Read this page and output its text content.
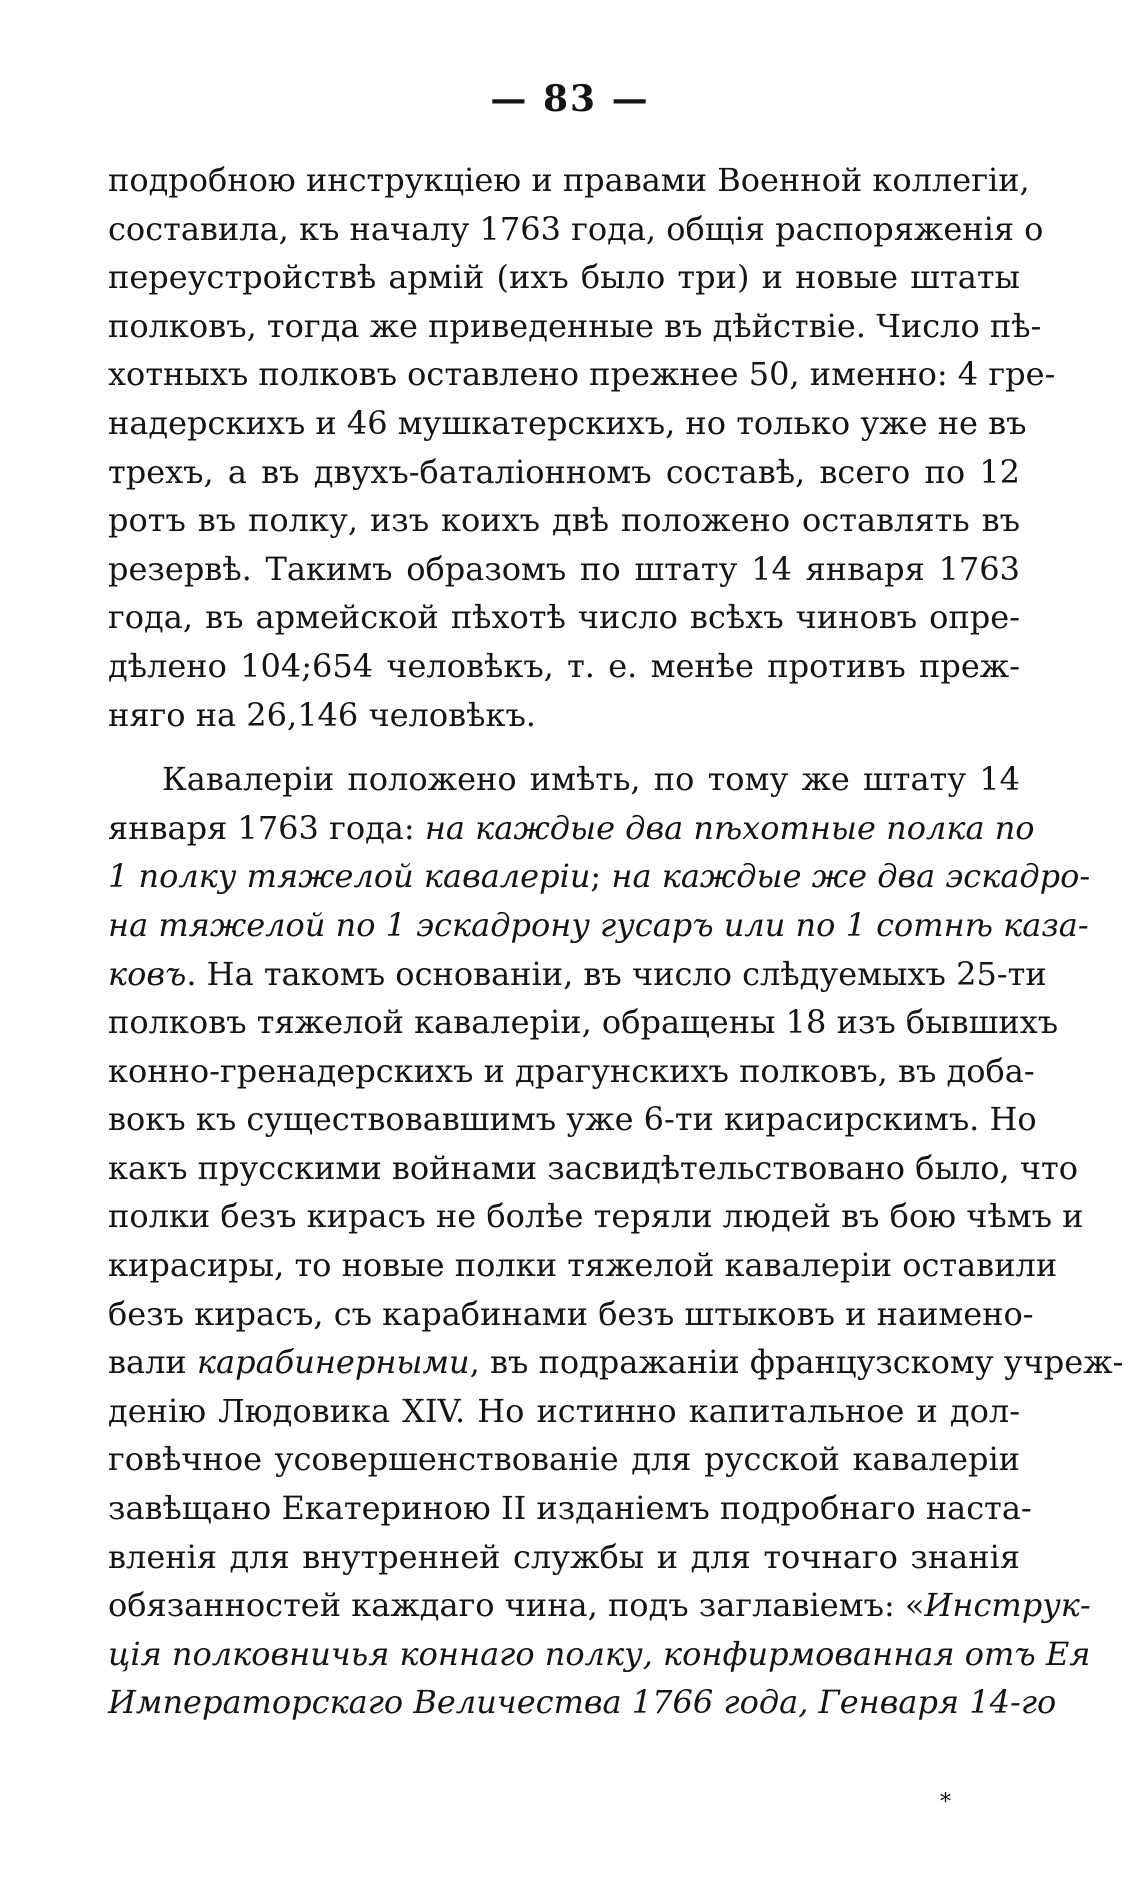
— 83 —
подробною инструкціею и правами Военной коллегіи,
составила, къ началу 1763 года, общія распоряженія о
переустройствѣ армій (ихъ было три) и новые штаты
полковъ, тогда же приведенные въ дѣйствіе. Число пѣ-
хотныхъ полковъ оставлено прежнее 50, именно: 4 гре-
надерскихъ и 46 мушкатерскихъ, но только уже не въ
трехъ, а въ двухъ-баталіонномъ составѣ, всего по 12
ротъ въ полку, изъ коихъ двѣ положено оставлять въ
резервѣ. Такимъ образомъ по штату 14 января 1763
года, въ армейской пѣхотѣ число всѣхъ чиновъ опре-
дѣлено 104;654 человѣкъ, т. е. менѣе противъ преж-
няго на 26,146 человѣкъ.
Кавалеріи положено имѣть, по тому же штату 14
января 1763 года: на каждые два пѣхотные полка по
1 полку тяжелой кавалеріи; на каждые же два эскадро-
на тяжелой по 1 эскадрону гусаръ или по 1 сотнѣ каза-
ковъ. На такомъ основаніи, въ число слѣдуемыхъ 25-ти
полковъ тяжелой кавалеріи, обращены 18 изъ бывшихъ
конно-гренадерскихъ и драгунскихъ полковъ, въ доба-
вокъ къ существовавшимъ уже 6-ти кирасирскимъ. Но
какъ прусскими войнами засвидѣтельствовано было, что
полки безъ кирасъ не болѣе теряли людей въ бою чѣмъ и
кирасиры, то новые полки тяжелой кавалеріи оставили
безъ кирасъ, съ карабинами безъ штыковъ и наименo-
вали карабинерными, въ подражаніи французскому учреж-
денію Людовика XIV. Но истинно капитальное и дол-
говѣчное усовершенствованіе для русской кавалеріи
завѣщано Екатериною II изданіемъ подробнаго наста-
вленія для внутренней службы и для точнаго знанія
обязанностей каждаго чина, подъ заглавіемъ: «Инструк-
ція полковничья коннаго полку, конфирмованная отъ Ея
Императорскаго Величества 1766 года, Генваря 14-го
*
